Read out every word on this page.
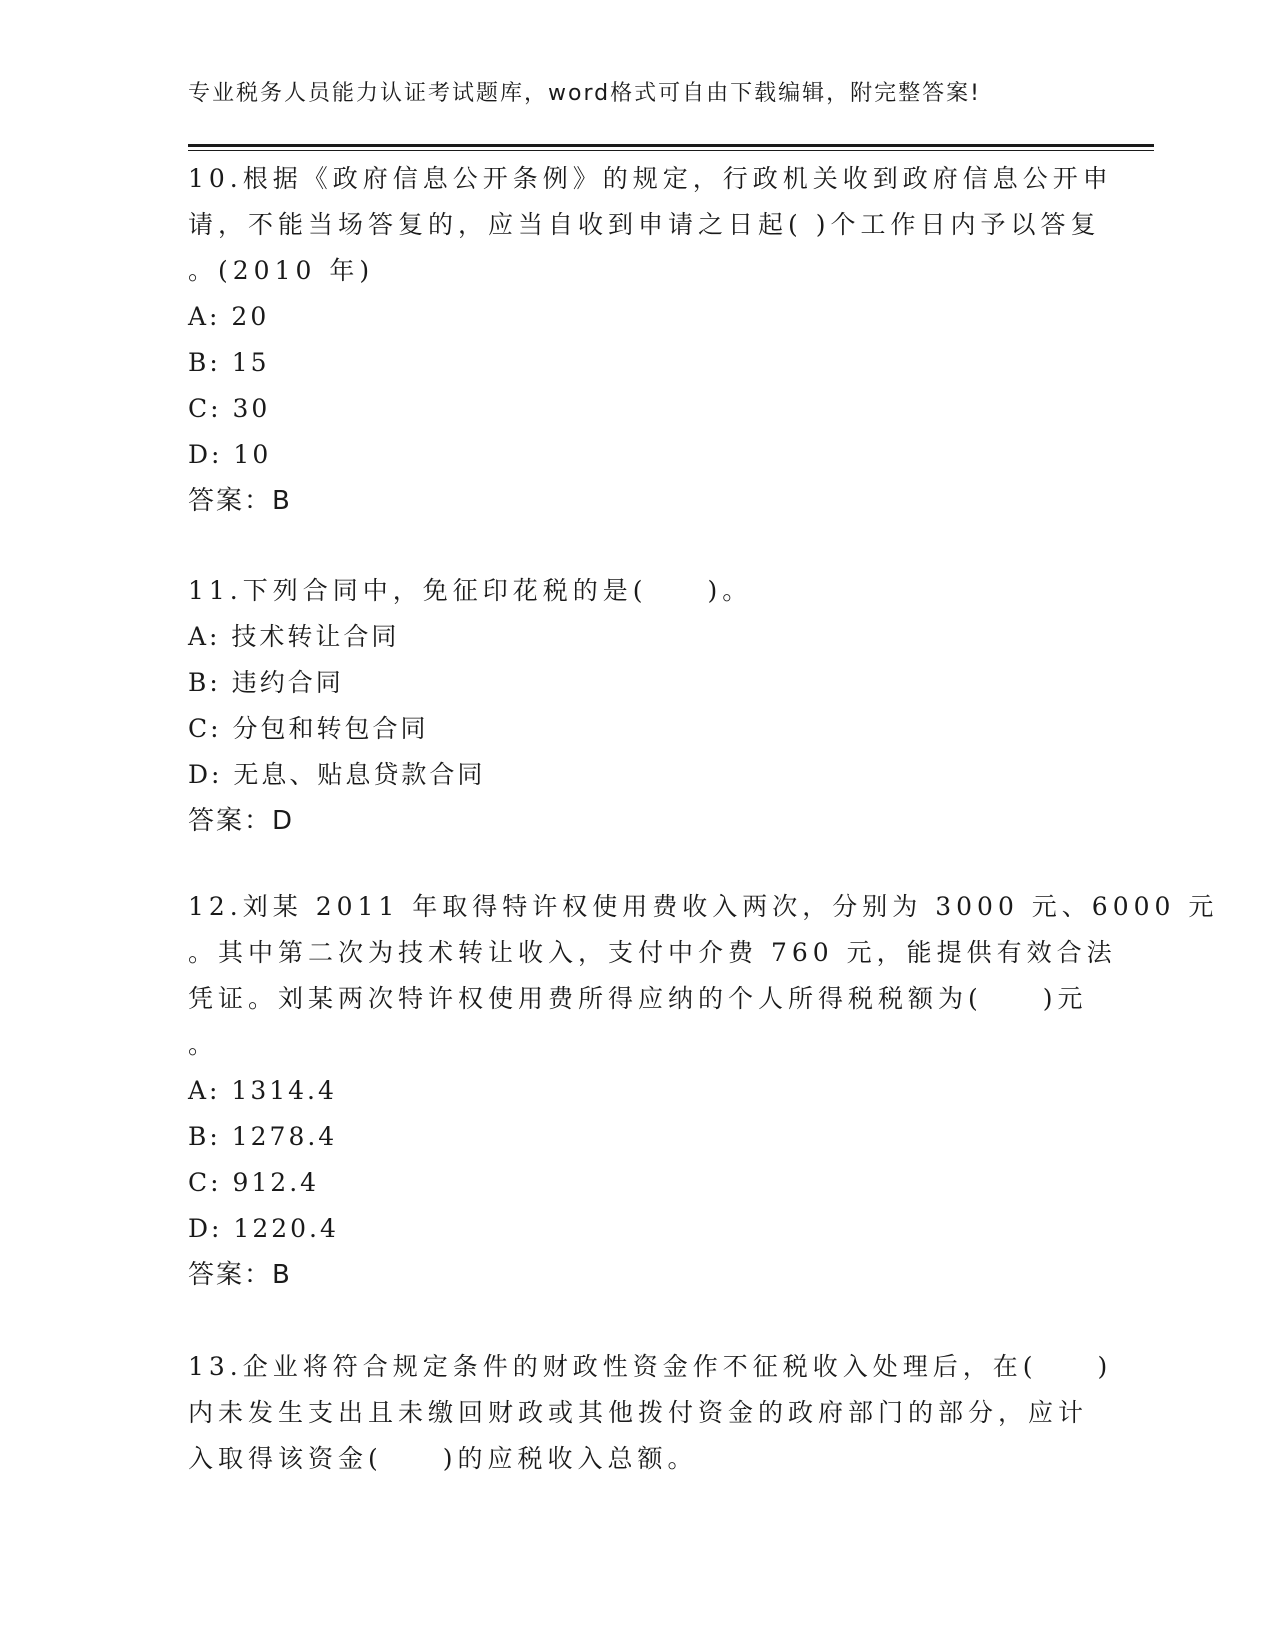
专业税务人员能力认证考试题库，word格式可自由下载编辑，附完整答案!
10.根据《政府信息公开条例》的规定，行政机关收到政府信息公开申
请，不能当场答复的，应当自收到申请之日起( )个工作日内予以答复
。(2010 年)
A: 20
B: 15
C: 30
D: 10
答案：B
11.下列合同中，免征印花税的是(　　)。
A: 技术转让合同
B: 违约合同
C: 分包和转包合同
D: 无息、贴息贷款合同
答案：D
12.刘某 2011 年取得特许权使用费收入两次，分别为 3000 元、6000 元
。其中第二次为技术转让收入，支付中介费 760 元，能提供有效合法
凭证。刘某两次特许权使用费所得应纳的个人所得税税额为(　　)元
。
A: 1314.4
B: 1278.4
C: 912.4
D: 1220.4
答案：B
13.企业将符合规定条件的财政性资金作不征税收入处理后，在(　　)
内未发生支出且未缴回财政或其他拨付资金的政府部门的部分，应计
入取得该资金(　　)的应税收入总额。
